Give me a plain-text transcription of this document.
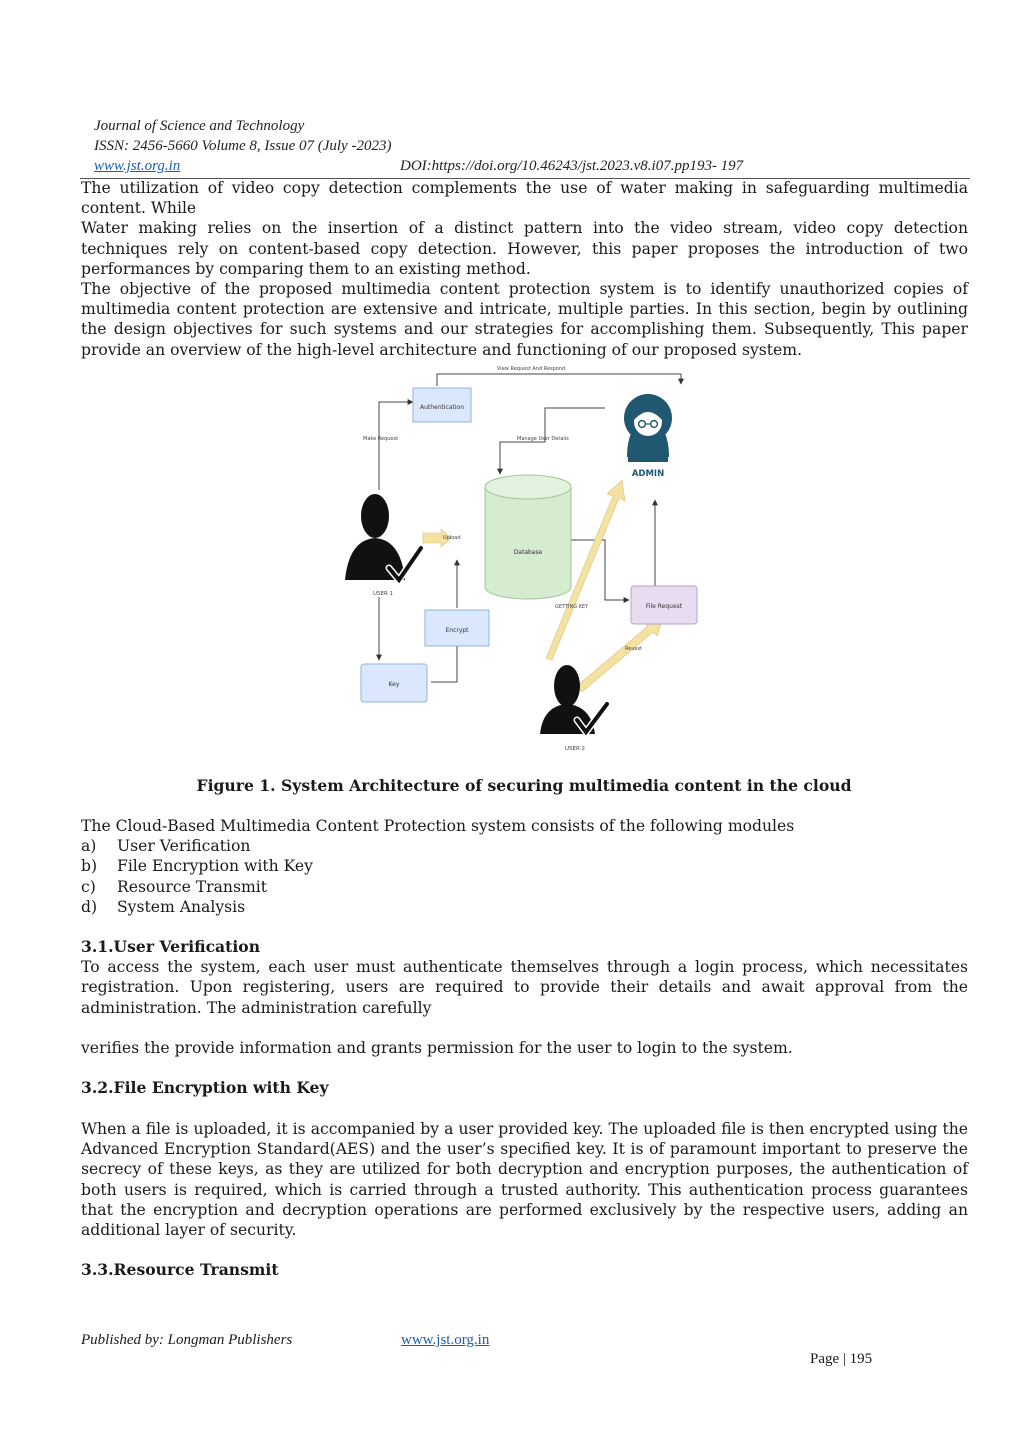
Journal of Science and Technology
ISSN: 2456-5660 Volume 8, Issue 07 (July -2023)
www.jst.org.in	DOI:https://doi.org/10.46243/jst.2023.v8.i07.pp193- 197

The utilization of video copy detection complements the use of water making in safeguarding multimedia content. While

Water making relies on the insertion of a distinct pattern into the video stream, video copy detection techniques rely on content-based copy detection. However, this paper proposes the introduction of two performances by comparing them to an existing method.

The objective of the proposed multimedia content protection system is to identify unauthorized copies of multimedia content protection are extensive and intricate, multiple parties. In this section, begin by outlining the design objectives for such systems and our strategies for accomplishing them. Subsequently, This paper provide an overview of the high-level architecture and functioning of our proposed system.

Authentication
Database
Encrypt
Key
File Request
ADMIN
USER 1
USER 2
View Request And Respond
Make Request	Manage User Details
Upload
GETTING KEY
Reuest
Figure 1. System Architecture of securing multimedia content in the cloud

The Cloud-Based Multimedia Content Protection system consists of the following modules

a)	User Verification
b)	File Encryption with Key
c)	Resource Transmit
d)	System Analysis

3.1.User Verification

To access the system, each user must authenticate themselves through a login process, which necessitates registration. Upon registering, users are required to provide their details and await approval from the administration. The administration carefully

verifies the provide information and grants permission for the user to login to the system.

3.2.File Encryption with Key

When a file is uploaded, it is accompanied by a user provided key. The uploaded file is then encrypted using the Advanced Encryption Standard(AES) and the user’s specified key. It is of paramount important to preserve the secrecy of these keys, as they are utilized for both decryption and encryption purposes, the authentication of both users is required, which is carried through a trusted authority. This authentication process guarantees that the encryption and decryption operations are performed exclusively by the respective users, adding an additional layer of security.

3.3.Resource Transmit

Published by: Longman Publishers	www.jst.org.in
Page | 195
